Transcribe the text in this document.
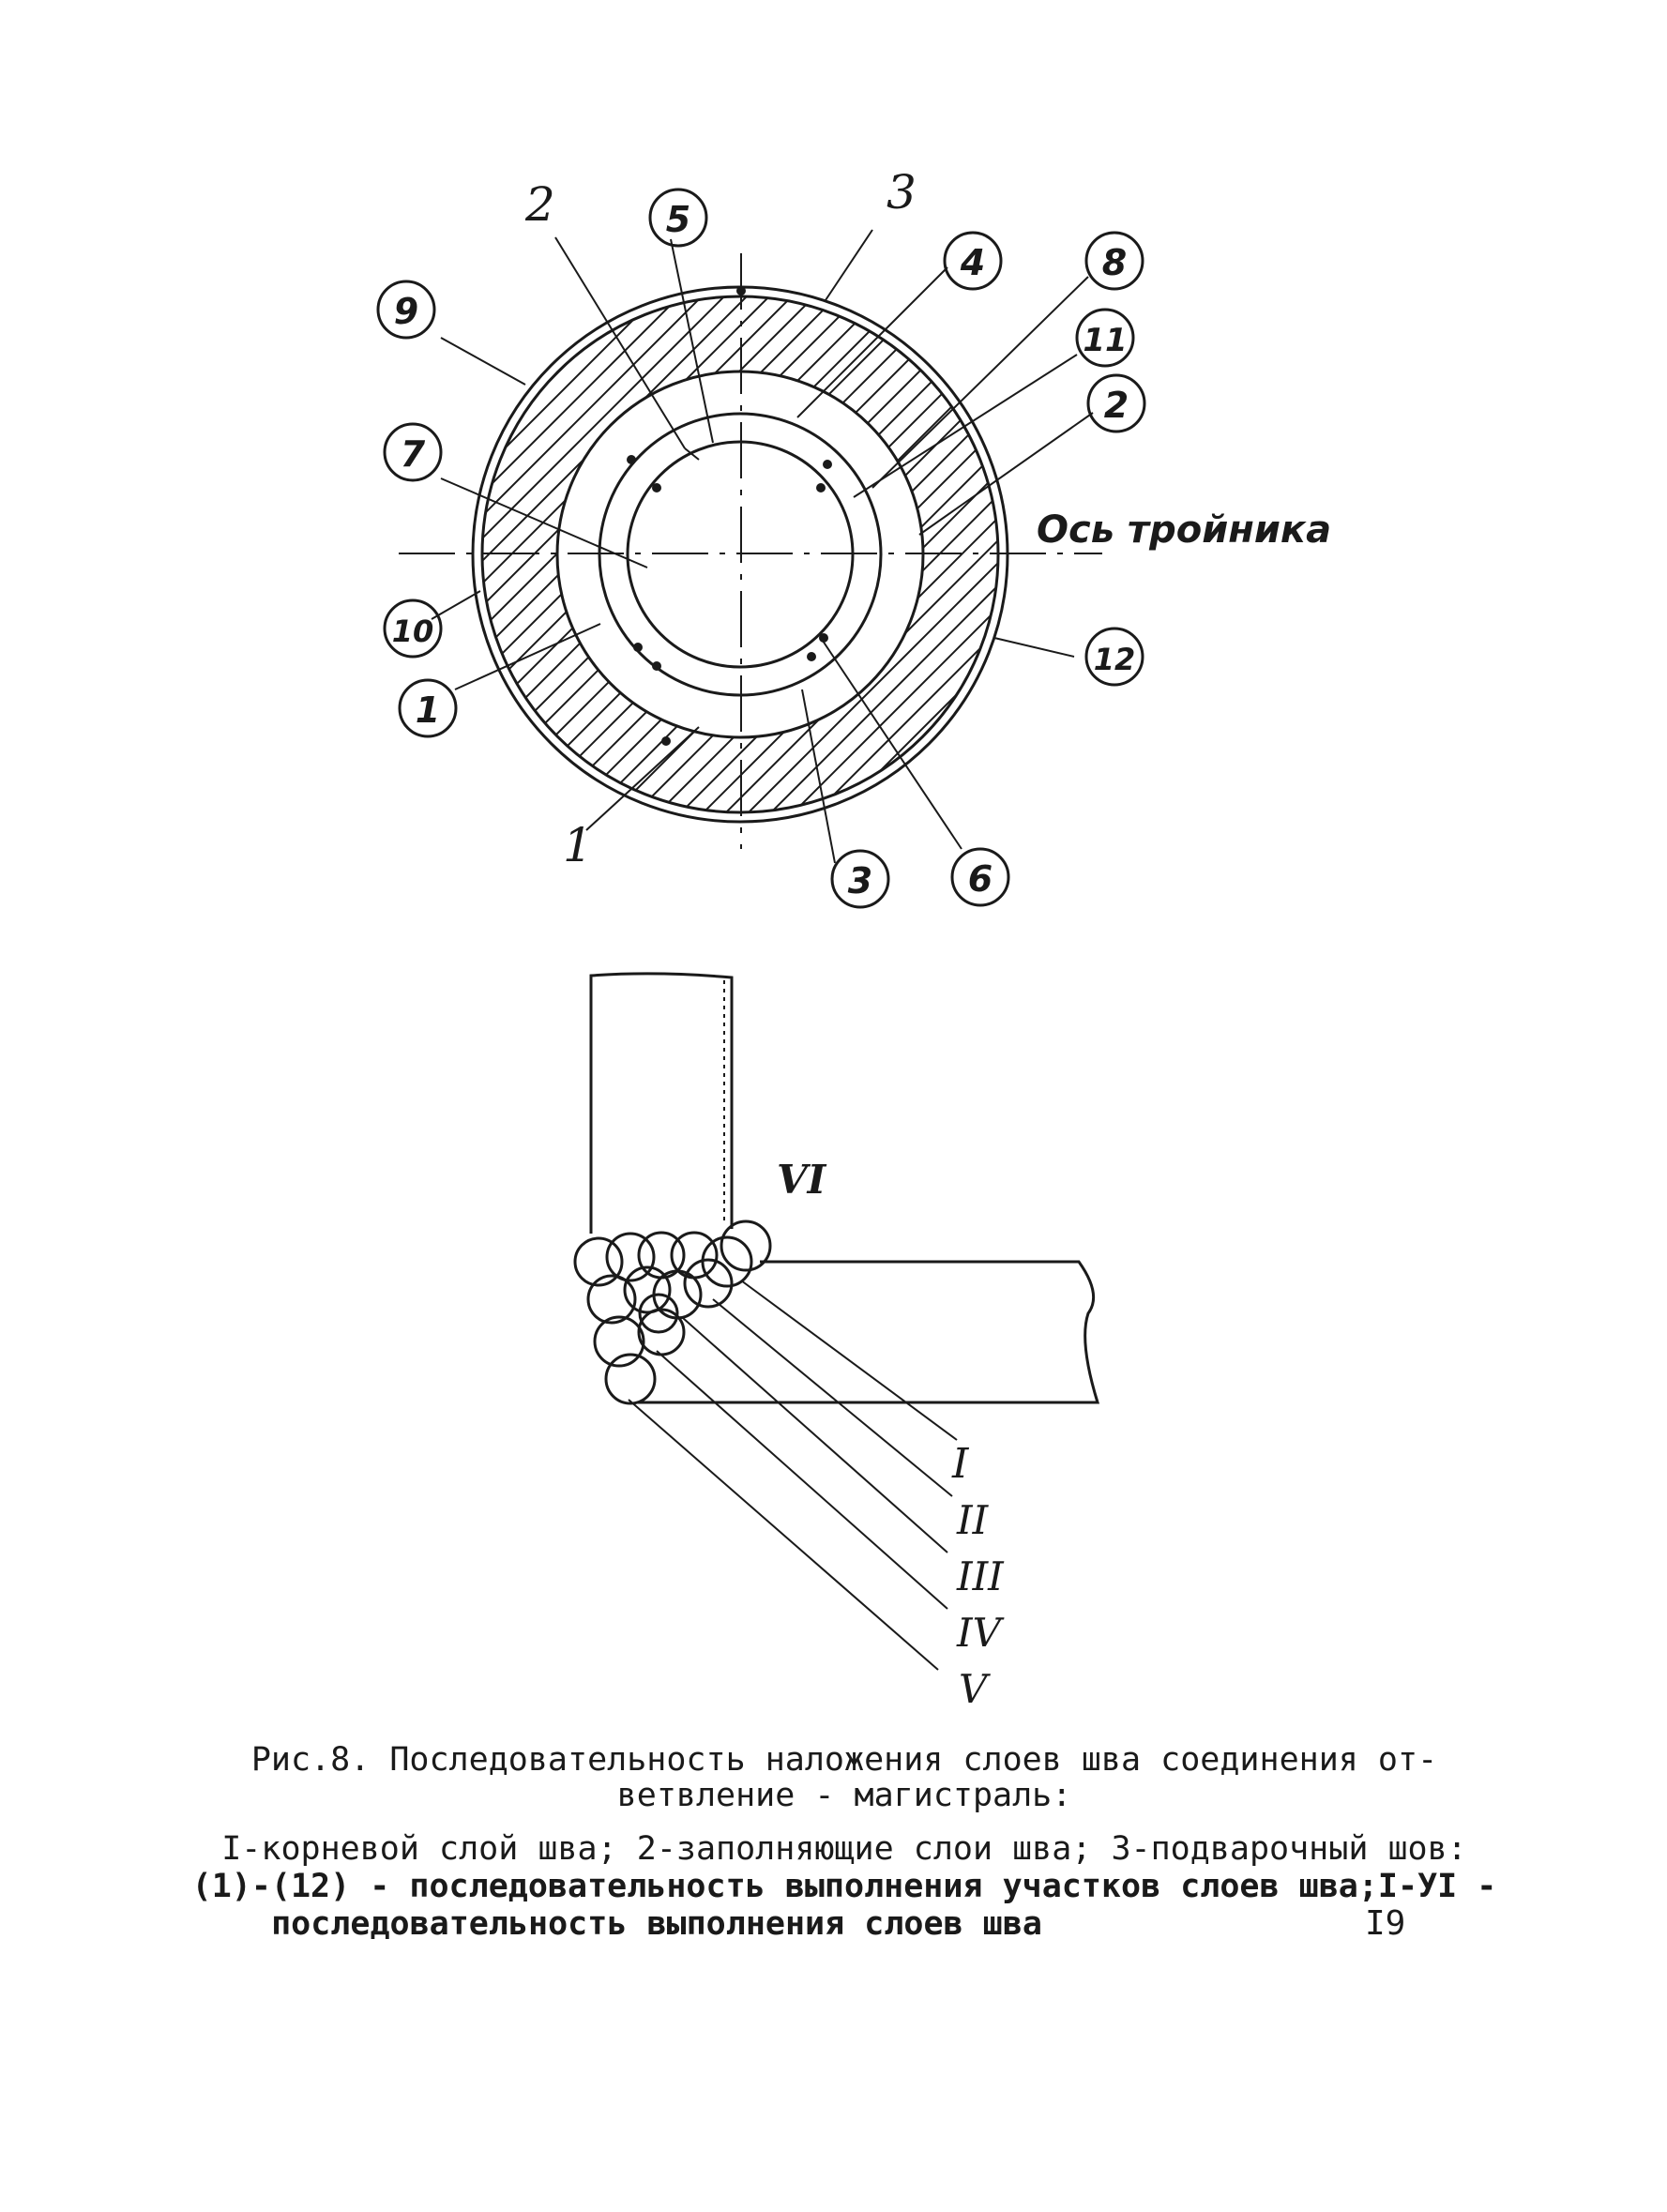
2	3
1
Ось тройника
5
4	8
11
2
9
7
10
12
1
3	6
VI
I
II
III
IV
V
Рис.8. Последовательность наложения слоев шва соединения от-
ветвление - магистраль:
I-корневой слой шва; 2-заполняющие слои шва; 3-подварочный шов:
(1)-(12) - последовательность выполнения участков слоев шва;I-УI -
последовательность выполнения слоев шва	I9
